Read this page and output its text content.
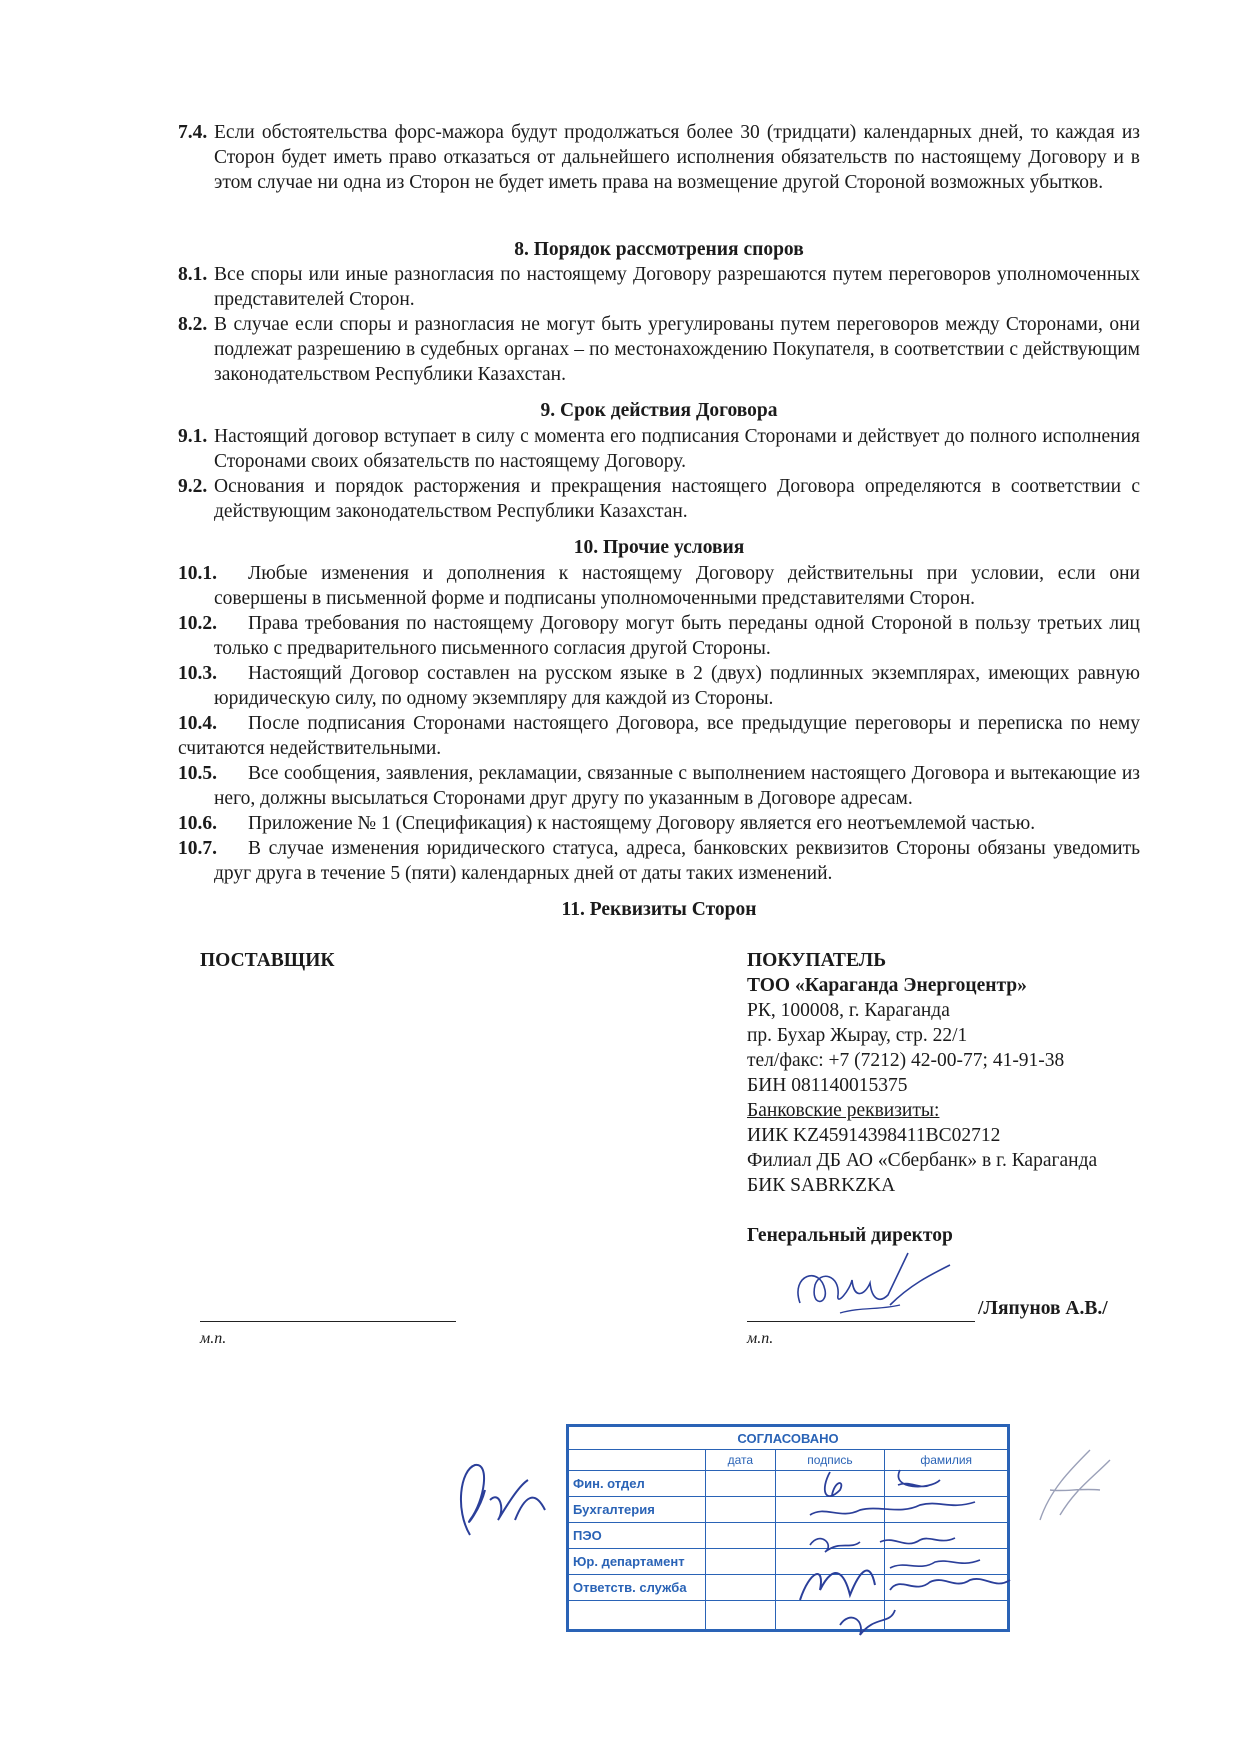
7.4. Если обстоятельства форс-мажора будут продолжаться более 30 (тридцати) календарных дней, то каждая из Сторон будет иметь право отказаться от дальнейшего исполнения обязательств по настоящему Договору и в этом случае ни одна из Сторон не будет иметь права на возмещение другой Стороной возможных убытков.
8. Порядок рассмотрения споров
8.1. Все споры или иные разногласия по настоящему Договору разрешаются путем переговоров уполномоченных представителей Сторон.
8.2. В случае если споры и разногласия не могут быть урегулированы путем переговоров между Сторонами, они подлежат разрешению в судебных органах – по местонахождению Покупателя, в соответствии с действующим законодательством Республики Казахстан.
9. Срок действия Договора
9.1. Настоящий договор вступает в силу с момента его подписания Сторонами и действует до полного исполнения Сторонами своих обязательств по настоящему Договору.
9.2. Основания и порядок расторжения и прекращения настоящего Договора определяются в соответствии с действующим законодательством Республики Казахстан.
10. Прочие условия
10.1.	Любые изменения и дополнения к настоящему Договору действительны при условии, если они совершены в письменной форме и подписаны уполномоченными представителями Сторон.
10.2.	Права требования по настоящему Договору могут быть переданы одной Стороной в пользу третьих лиц только с предварительного письменного согласия другой Стороны.
10.3.	Настоящий Договор составлен на русском языке в 2 (двух) подлинных экземплярах, имеющих равную юридическую силу, по одному экземпляру для каждой из Стороны.
10.4.	После подписания Сторонами настоящего Договора, все предыдущие переговоры и переписка по нему считаются недействительными.
10.5.	Все сообщения, заявления, рекламации, связанные с выполнением настоящего Договора и вытекающие из него, должны высылаться Сторонами друг другу по указанным в Договоре адресам.
10.6.	Приложение № 1 (Спецификация) к настоящему Договору является его неотъемлемой частью.
10.7.	В случае изменения юридического статуса, адреса, банковских реквизитов Стороны обязаны уведомить друг друга в течение 5 (пяти) календарных дней от даты таких изменений.
11. Реквизиты Сторон
ПОСТАВЩИК
м.п.
ПОКУПАТЕЛЬ
ТОО «Караганда Энергоцентр»
РК, 100008, г. Караганда
пр. Бухар Жырау, стр. 22/1
тел/факс: +7 (7212) 42-00-77; 41-91-38
БИН 081140015375
Банковские реквизиты:
ИИК KZ45914398411BC02712
Филиал ДБ АО «Сбербанк» в г. Караганда
БИК SABRKZKA
Генеральный директор
/Ляпунов А.В./
м.п.
СОГЛАСОВАНО			
	дата	подпись	фамилия
Фин. отдел			
Бухгалтерия			
ПЭО			
Юр. департамент			
Ответств. служба			
